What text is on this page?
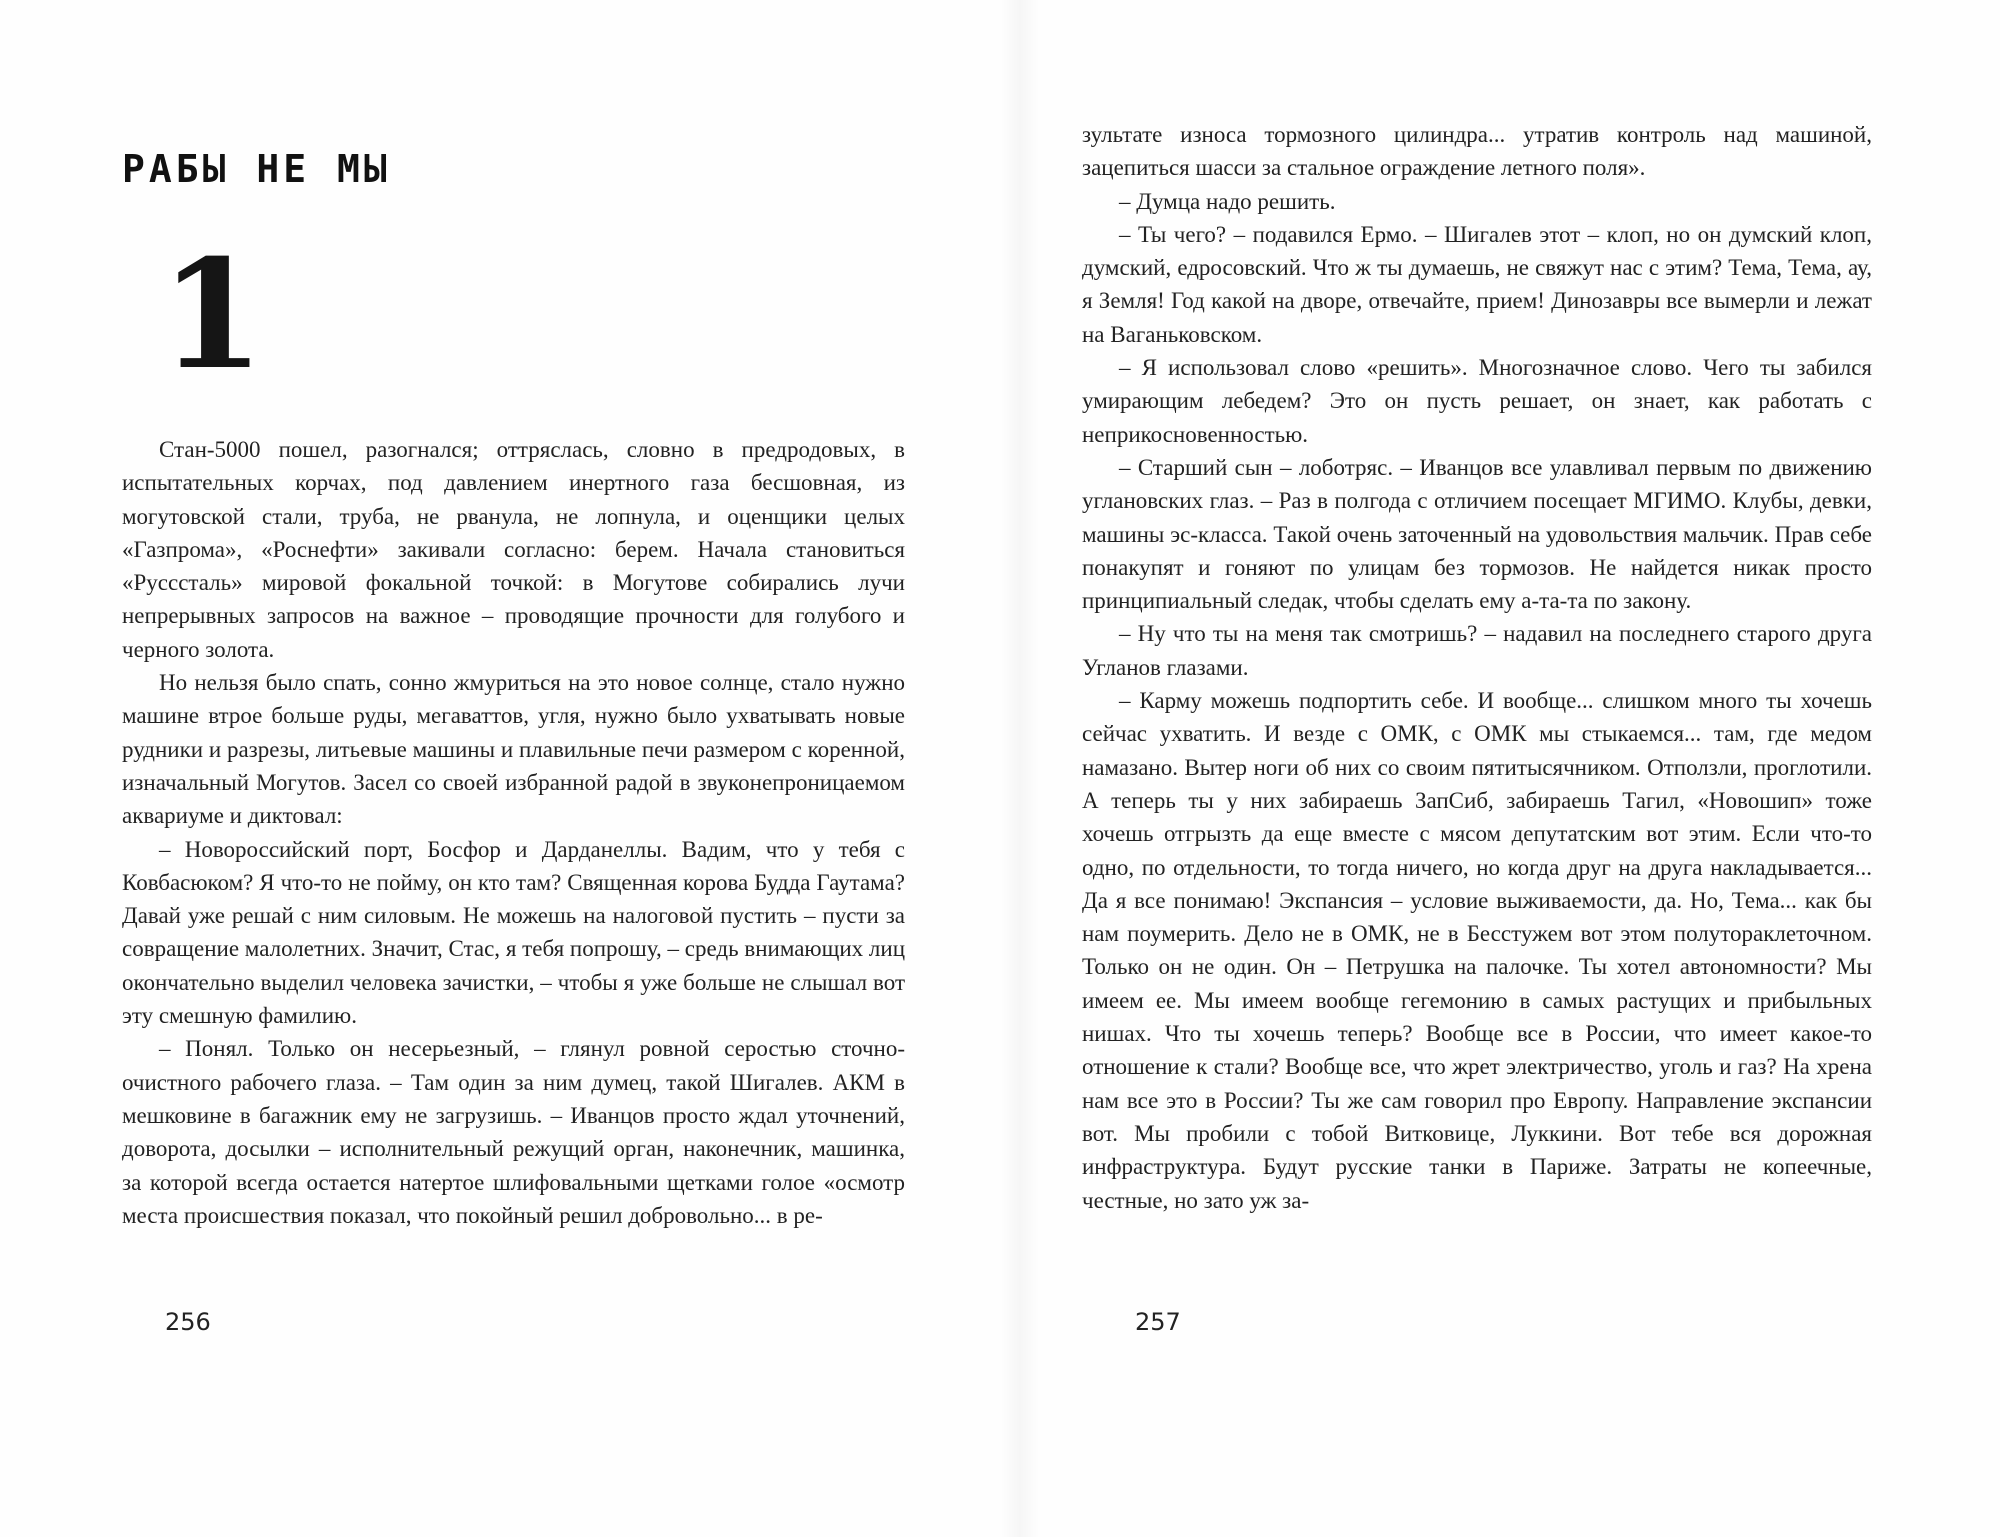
РАБЫ НЕ МЫ
1

Стан-5000 пошел, разогнался; оттряслась, словно в предродовых, в испытательных корчах, под давлением инертного газа бесшовная, из могутовской стали, труба, не рванула, не лопнула, и оценщики целых «Газпрома», «Роснефти» закивали согласно: берем. Начала становиться «Русссталь» мировой фокальной точкой: в Могутове собирались лучи непрерывных запросов на важное – проводящие прочности для голубого и черного золота.

Но нельзя было спать, сонно жмуриться на это новое солнце, стало нужно машине втрое больше руды, мегаваттов, угля, нужно было ухватывать новые рудники и разрезы, литьевые машины и плавильные печи размером с коренной, изначальный Могутов. Засел со своей избранной радой в звуконепроницаемом аквариуме и диктовал:

– Новороссийский порт, Босфор и Дарданеллы. Вадим, что у тебя с Ковбасюком? Я что-то не пойму, он кто там? Священная корова Будда Гаутама? Давай уже решай с ним силовым. Не можешь на налоговой пустить – пусти за совращение малолетних. Значит, Стас, я тебя попрошу, – средь внимающих лиц окончательно выделил человека зачистки, – чтобы я уже больше не слышал вот эту смешную фамилию.

– Понял. Только он несерьезный, – глянул ровной серостью сточно-очистного рабочего глаза. – Там один за ним думец, такой Шигалев. АКМ в мешковине в багажник ему не загрузишь. – Иванцов просто ждал уточнений, доворота, досылки – исполнительный режущий орган, наконечник, машинка, за которой всегда остается натертое шлифовальными щетками голое «осмотр места происшествия показал, что покойный решил добровольно... в ре-

256

зультате износа тормозного цилиндра... утратив контроль над машиной, зацепиться шасси за стальное ограждение летного поля».

– Думца надо решить.

– Ты чего? – подавился Ермо. – Шигалев этот – клоп, но он думский клоп, думский, едросовский. Что ж ты думаешь, не свяжут нас с этим? Тема, Тема, ау, я Земля! Год какой на дворе, отвечайте, прием! Динозавры все вымерли и лежат на Ваганьковском.

– Я использовал слово «решить». Многозначное слово. Чего ты забился умирающим лебедем? Это он пусть решает, он знает, как работать с неприкосновенностью.

– Старший сын – лоботряс. – Иванцов все улавливал первым по движению углановских глаз. – Раз в полгода с отличием посещает МГИМО. Клубы, девки, машины эс-класса. Такой очень заточенный на удовольствия мальчик. Прав себе понакупят и гоняют по улицам без тормозов. Не найдется никак просто принципиальный следак, чтобы сделать ему а-та-та по закону.

– Ну что ты на меня так смотришь? – надавил на последнего старого друга Угланов глазами.

– Карму можешь подпортить себе. И вообще... слишком много ты хочешь сейчас ухватить. И везде с ОМК, с ОМК мы стыкаемся... там, где медом намазано. Вытер ноги об них со своим пятитысячником. Отползли, проглотили. А теперь ты у них забираешь ЗапСиб, забираешь Тагил, «Новошип» тоже хочешь отгрызть да еще вместе с мясом депутатским вот этим. Если что-то одно, по отдельности, то тогда ничего, но когда друг на друга накладывается... Да я все понимаю! Экспансия – условие выживаемости, да. Но, Тема... как бы нам поумерить. Дело не в ОМК, не в Бесстужем вот этом полутораклеточном. Только он не один. Он – Петрушка на палочке. Ты хотел автономности? Мы имеем ее. Мы имеем вообще гегемонию в самых растущих и прибыльных нишах. Что ты хочешь теперь? Вообще все в России, что имеет какое-то отношение к стали? Вообще все, что жрет электричество, уголь и газ? На хрена нам все это в России? Ты же сам говорил про Европу. Направление экспансии вот. Мы пробили с тобой Витковице, Луккини. Вот тебе вся дорожная инфраструктура. Будут русские танки в Париже. Затраты не копеечные, честные, но зато уж за-

257
